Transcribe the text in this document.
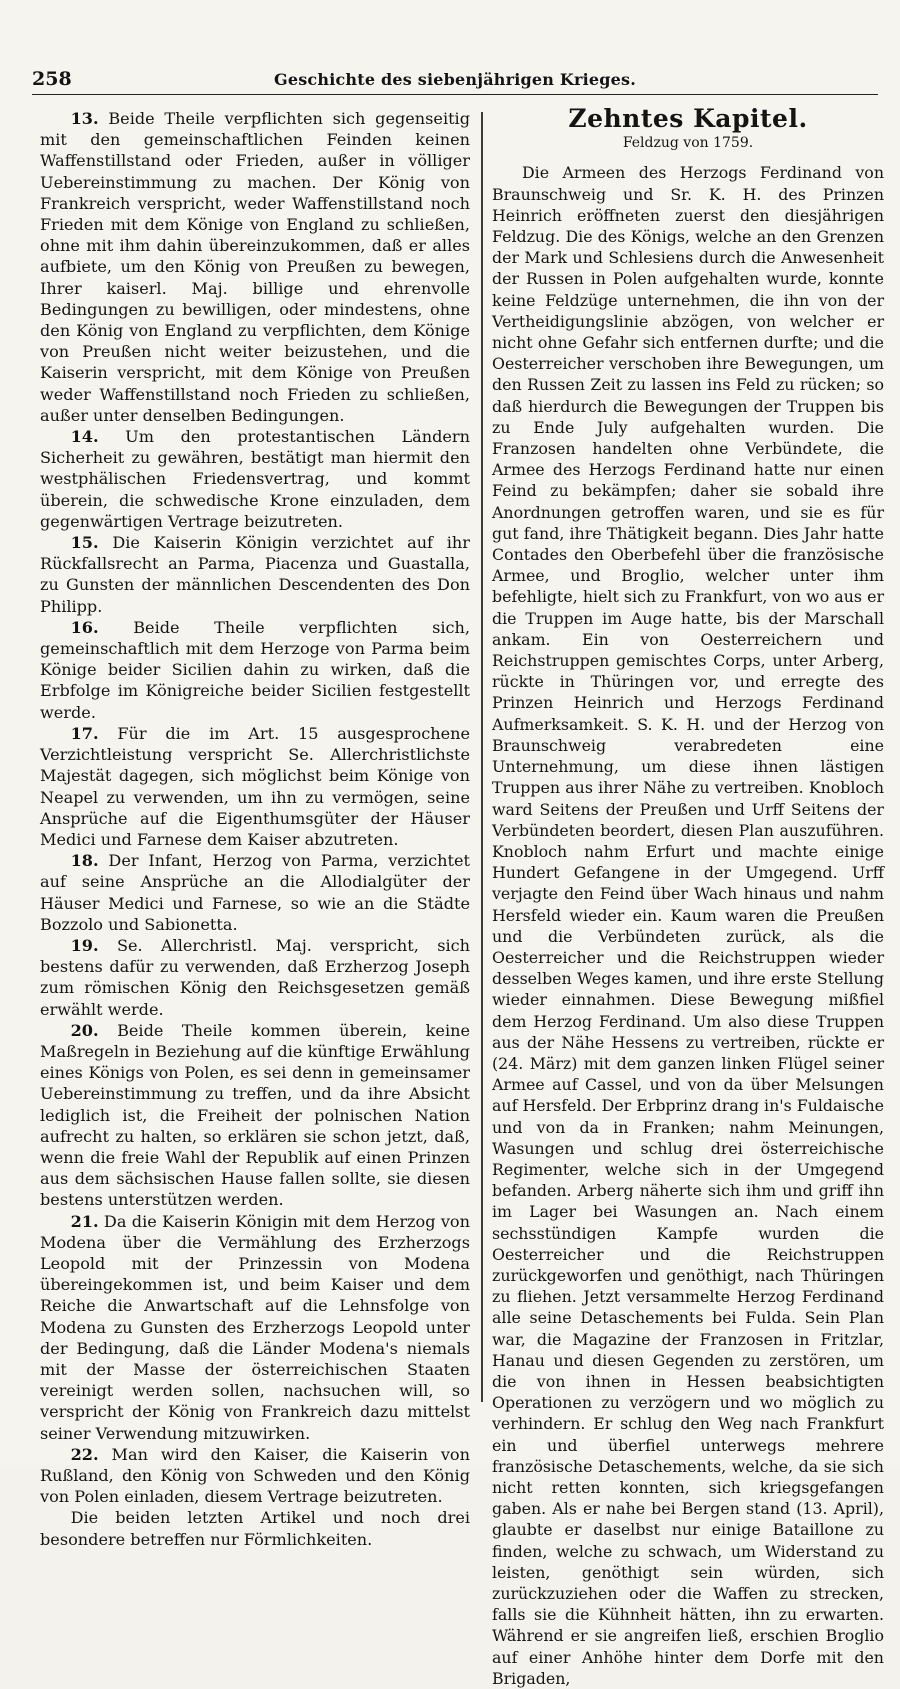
258	Geschichte des siebenjährigen Krieges.

13. Beide Theile verpflichten sich gegenseitig mit den gemeinschaftlichen Feinden keinen Waffenstillstand oder Frieden, außer in völliger Uebereinstimmung zu machen. Der König von Frankreich verspricht, weder Waffenstillstand noch Frieden mit dem Könige von England zu schließen, ohne mit ihm dahin übereinzukommen, daß er alles aufbiete, um den König von Preußen zu bewegen, Ihrer kaiserl. Maj. billige und ehrenvolle Bedingungen zu bewilligen, oder mindestens, ohne den König von England zu verpflichten, dem Könige von Preußen nicht weiter beizustehen, und die Kaiserin verspricht, mit dem Könige von Preußen weder Waffenstillstand noch Frieden zu schließen, außer unter denselben Bedingungen.

14. Um den protestantischen Ländern Sicherheit zu gewähren, bestätigt man hiermit den westphälischen Friedensvertrag, und kommt überein, die schwedische Krone einzuladen, dem gegenwärtigen Vertrage beizutreten.

15. Die Kaiserin Königin verzichtet auf ihr Rückfallsrecht an Parma, Piacenza und Guastalla, zu Gunsten der männlichen Descendenten des Don Philipp.

16. Beide Theile verpflichten sich, gemeinschaftlich mit dem Herzoge von Parma beim Könige beider Sicilien dahin zu wirken, daß die Erbfolge im Königreiche beider Sicilien festgestellt werde.

17. Für die im Art. 15 ausgesprochene Verzichtleistung verspricht Se. Allerchristlichste Majestät dagegen, sich möglichst beim Könige von Neapel zu verwenden, um ihn zu vermögen, seine Ansprüche auf die Eigenthumsgüter der Häuser Medici und Farnese dem Kaiser abzutreten.

18. Der Infant, Herzog von Parma, verzichtet auf seine Ansprüche an die Allodialgüter der Häuser Medici und Farnese, so wie an die Städte Bozzolo und Sabionetta.

19. Se. Allerchristl. Maj. verspricht, sich bestens dafür zu verwenden, daß Erzherzog Joseph zum römischen König den Reichsgesetzen gemäß erwählt werde.

20. Beide Theile kommen überein, keine Maßregeln in Beziehung auf die künftige Erwählung eines Königs von Polen, es sei denn in gemeinsamer Uebereinstimmung zu treffen, und da ihre Absicht lediglich ist, die Freiheit der polnischen Nation aufrecht zu halten, so erklären sie schon jetzt, daß, wenn die freie Wahl der Republik auf einen Prinzen aus dem sächsischen Hause fallen sollte, sie diesen bestens unterstützen werden.

21. Da die Kaiserin Königin mit dem Herzog von Modena über die Vermählung des Erzherzogs Leopold mit der Prinzessin von Modena übereingekommen ist, und beim Kaiser und dem Reiche die Anwartschaft auf die Lehnsfolge von Modena zu Gunsten des Erzherzogs Leopold unter der Bedingung, daß die Länder Modena's niemals mit der Masse der österreichischen Staaten vereinigt werden sollen, nachsuchen will, so verspricht der König von Frankreich dazu mittelst seiner Verwendung mitzuwirken.

22. Man wird den Kaiser, die Kaiserin von Rußland, den König von Schweden und den König von Polen einladen, diesem Vertrage beizutreten.

Die beiden letzten Artikel und noch drei besondere betreffen nur Förmlichkeiten.

Zehntes Kapitel.
Feldzug von 1759.

Die Armeen des Herzogs Ferdinand von Braunschweig und Sr. K. H. des Prinzen Heinrich eröffneten zuerst den diesjährigen Feldzug. Die des Königs, welche an den Grenzen der Mark und Schlesiens durch die Anwesenheit der Russen in Polen aufgehalten wurde, konnte keine Feldzüge unternehmen, die ihn von der Vertheidigungslinie abzögen, von welcher er nicht ohne Gefahr sich entfernen durfte; und die Oesterreicher verschoben ihre Bewegungen, um den Russen Zeit zu lassen ins Feld zu rücken; so daß hierdurch die Bewegungen der Truppen bis zu Ende July aufgehalten wurden. Die Franzosen handelten ohne Verbündete, die Armee des Herzogs Ferdinand hatte nur einen Feind zu bekämpfen; daher sie sobald ihre Anordnungen getroffen waren, und sie es für gut fand, ihre Thätigkeit begann. Dies Jahr hatte Contades den Oberbefehl über die französische Armee, und Broglio, welcher unter ihm befehligte, hielt sich zu Frankfurt, von wo aus er die Truppen im Auge hatte, bis der Marschall ankam. Ein von Oesterreichern und Reichstruppen gemischtes Corps, unter Arberg, rückte in Thüringen vor, und erregte des Prinzen Heinrich und Herzogs Ferdinand Aufmerksamkeit. S. K. H. und der Herzog von Braunschweig verabredeten eine Unternehmung, um diese ihnen lästigen Truppen aus ihrer Nähe zu vertreiben. Knobloch ward Seitens der Preußen und Urff Seitens der Verbündeten beordert, diesen Plan auszuführen. Knobloch nahm Erfurt und machte einige Hundert Gefangene in der Umgegend. Urff verjagte den Feind über Wach hinaus und nahm Hersfeld wieder ein. Kaum waren die Preußen und die Verbündeten zurück, als die Oesterreicher und die Reichstruppen wieder desselben Weges kamen, und ihre erste Stellung wieder einnahmen. Diese Bewegung mißfiel dem Herzog Ferdinand. Um also diese Truppen aus der Nähe Hessens zu vertreiben, rückte er (24. März) mit dem ganzen linken Flügel seiner Armee auf Cassel, und von da über Melsungen auf Hersfeld. Der Erbprinz drang in's Fuldaische und von da in Franken; nahm Meinungen, Wasungen und schlug drei österreichische Regimenter, welche sich in der Umgegend befanden. Arberg näherte sich ihm und griff ihn im Lager bei Wasungen an. Nach einem sechsstündigen Kampfe wurden die Oesterreicher und die Reichstruppen zurückgeworfen und genöthigt, nach Thüringen zu fliehen. Jetzt versammelte Herzog Ferdinand alle seine Detaschements bei Fulda. Sein Plan war, die Magazine der Franzosen in Fritzlar, Hanau und diesen Gegenden zu zerstören, um die von ihnen in Hessen beabsichtigten Operationen zu verzögern und wo möglich zu verhindern. Er schlug den Weg nach Frankfurt ein und überfiel unterwegs mehrere französische Detaschements, welche, da sie sich nicht retten konnten, sich kriegsgefangen gaben. Als er nahe bei Bergen stand (13. April), glaubte er daselbst nur einige Bataillone zu finden, welche zu schwach, um Widerstand zu leisten, genöthigt sein würden, sich zurückzuziehen oder die Waffen zu strecken, falls sie die Kühnheit hätten, ihn zu erwarten. Während er sie angreifen ließ, erschien Broglio auf einer Anhöhe hinter dem Dorfe mit den Brigaden,
